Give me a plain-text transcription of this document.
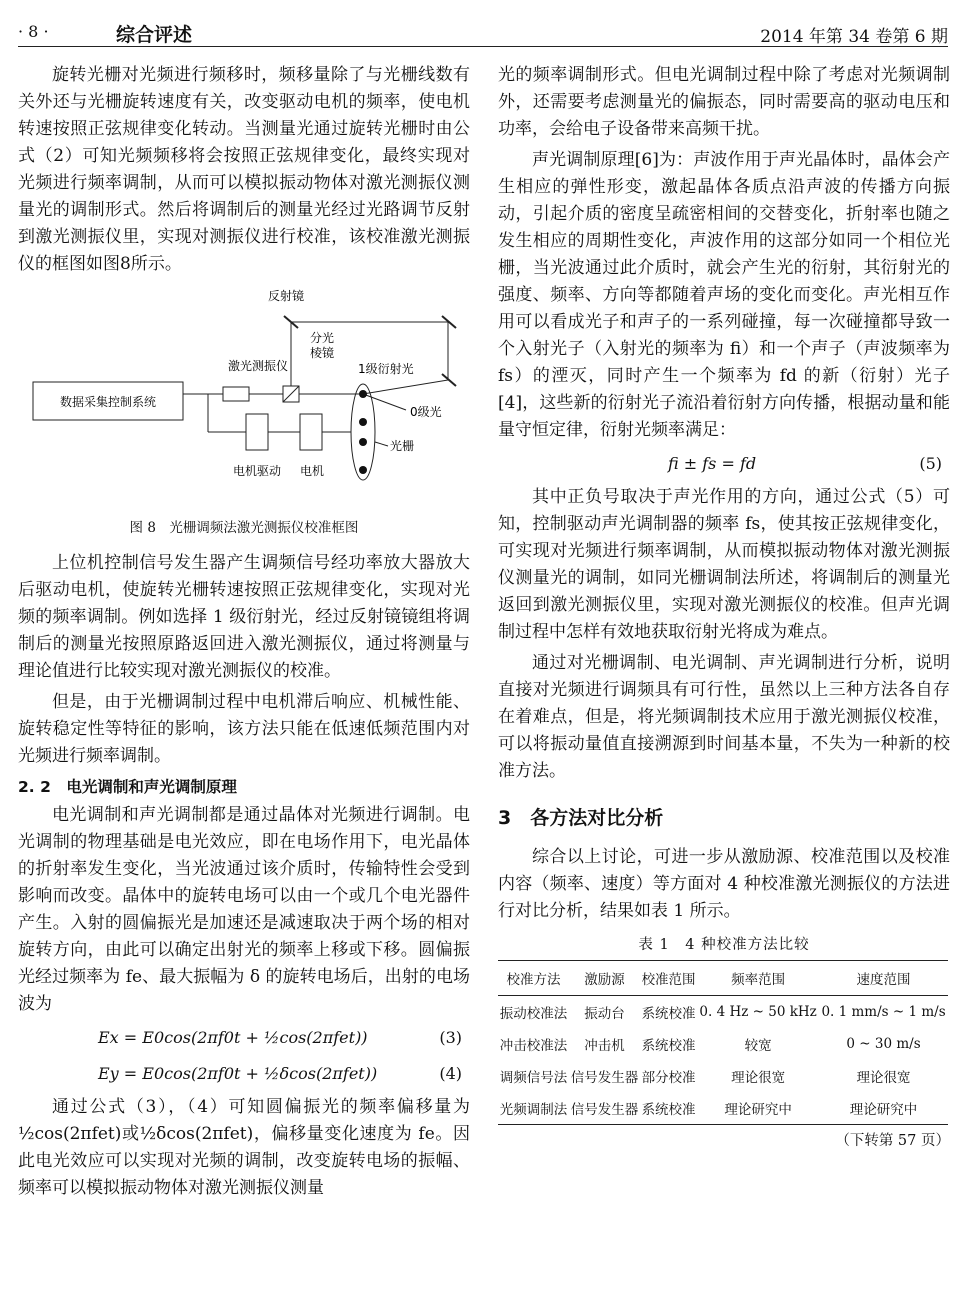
· 8 ·	综合评述	2014 年第 34 卷第 6 期

旋转光栅对光频进行频移时，频移量除了与光栅线数有关外还与光栅旋转速度有关，改变驱动电机的频率，使电机转速按照正弦规律变化转动。当测量光通过旋转光栅时由公式（2）可知光频频移将会按照正弦规律变化，最终实现对光频进行频率调制，从而可以模拟振动物体对激光测振仪测量光的调制形式。然后将调制后的测量光经过光路调节反射到激光测振仪里，实现对测振仪进行校准，该校准激光测振仪的框图如图8所示。

数据采集控制系统
激光测振仪
分光
棱镜
反射镜
1级衍射光
0级光
光栅
电机驱动 电机
图 8　光栅调频法激光测振仪校准框图

上位机控制信号发生器产生调频信号经功率放大器放大后驱动电机，使旋转光栅转速按照正弦规律变化，实现对光频的频率调制。例如选择 1 级衍射光，经过反射镜镜组将调制后的测量光按照原路返回进入激光测振仪，通过将测量与理论值进行比较实现对激光测振仪的校准。

但是，由于光栅调制过程中电机滞后响应、机械性能、旋转稳定性等特征的影响，该方法只能在低速低频范围内对光频进行频率调制。

2. 2　电光调制和声光调制原理

电光调制和声光调制都是通过晶体对光频进行调制。电光调制的物理基础是电光效应，即在电场作用下，电光晶体的折射率发生变化，当光波通过该介质时，传输特性会受到影响而改变。晶体中的旋转电场可以由一个或几个电光器件产生。入射的圆偏振光是加速还是减速取决于两个场的相对旋转方向，由此可以确定出射光的频率上移或下移。圆偏振光经过频率为 fe、最大振幅为 δ 的旋转电场后，出射的电场波为

Ex = E0cos(2πf0t + ½cos(2πfet))	(3)
Ey = E0cos(2πf0t + ½δcos(2πfet))	(4)

通过公式（3），（4）可知圆偏振光的频率偏移量为½cos(2πfet)或½δcos(2πfet)，偏移量变化速度为 fe。因此电光效应可以实现对光频的调制，改变旋转电场的振幅、频率可以模拟振动物体对激光测振仪测量

光的频率调制形式。但电光调制过程中除了考虑对光频调制外，还需要考虑测量光的偏振态，同时需要高的驱动电压和功率，会给电子设备带来高频干扰。

声光调制原理[6]为：声波作用于声光晶体时，晶体会产生相应的弹性形变，激起晶体各质点沿声波的传播方向振动，引起介质的密度呈疏密相间的交替变化，折射率也随之发生相应的周期性变化，声波作用的这部分如同一个相位光栅，当光波通过此介质时，就会产生光的衍射，其衍射光的强度、频率、方向等都随着声场的变化而变化。声光相互作用可以看成光子和声子的一系列碰撞，每一次碰撞都导致一个入射光子（入射光的频率为 fi）和一个声子（声波频率为 fs）的湮灭，同时产生一个频率为 fd 的新（衍射）光子[4]，这些新的衍射光子流沿着衍射方向传播，根据动量和能量守恒定律，衍射光频率满足：

fi ± fs = fd	(5)

其中正负号取决于声光作用的方向，通过公式（5）可知，控制驱动声光调制器的频率 fs，使其按正弦规律变化，可实现对光频进行频率调制，从而模拟振动物体对激光测振仪测量光的调制，如同光栅调制法所述，将调制后的测量光返回到激光测振仪里，实现对激光测振仪的校准。但声光调制过程中怎样有效地获取衍射光将成为难点。

通过对光栅调制、电光调制、声光调制进行分析，说明直接对光频进行调频具有可行性，虽然以上三种方法各自存在着难点，但是，将光频调制技术应用于激光测振仪校准，可以将振动量值直接溯源到时间基本量，不失为一种新的校准方法。

3　各方法对比分析

综合以上讨论，可进一步从激励源、校准范围以及校准内容（频率、速度）等方面对 4 种校准激光测振仪的方法进行对比分析，结果如表 1 所示。

表 1　4 种校准方法比较
校准方法	激励源	校准范围	频率范围	速度范围
振动校准法	振动台	系统校准	0. 4 Hz ~ 50 kHz	0. 1 mm/s ~ 1 m/s
冲击校准法	冲击机	系统校准	较宽	0 ~ 30 m/s
调频信号法	信号发生器	部分校准	理论很宽	理论很宽
光频调制法	信号发生器	系统校准	理论研究中	理论研究中
（下转第 57 页）
